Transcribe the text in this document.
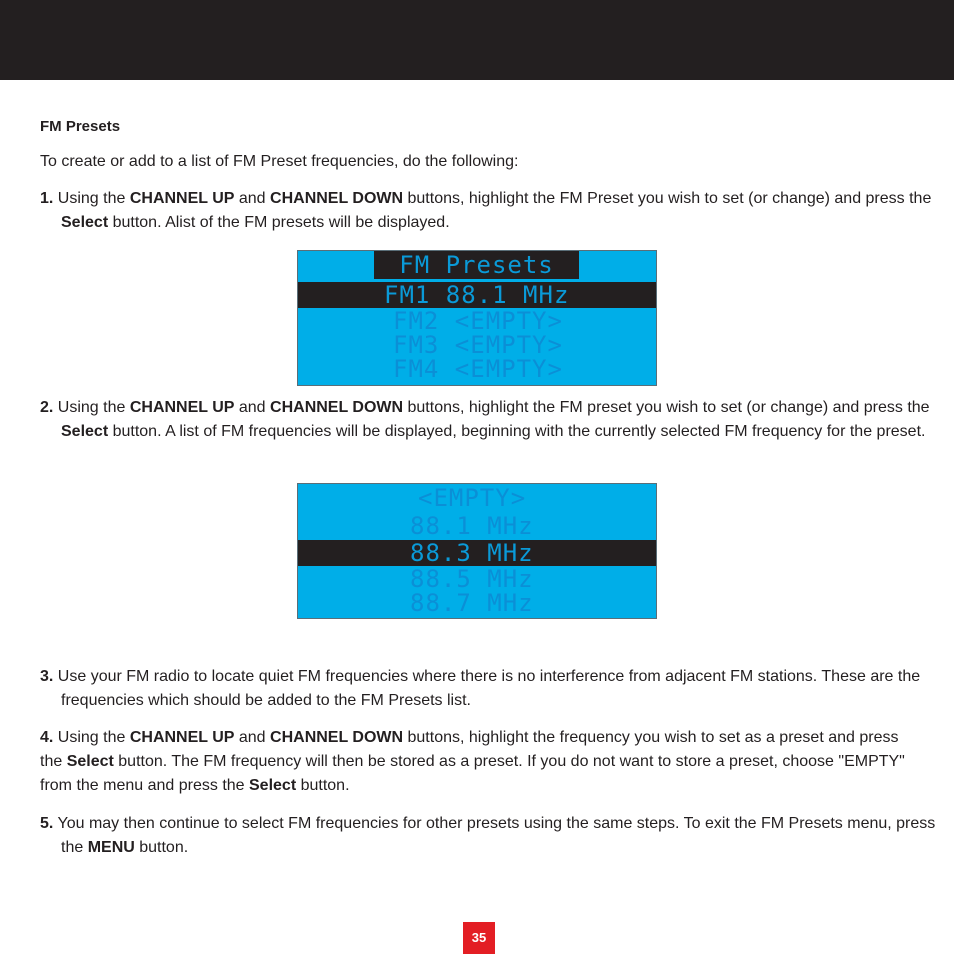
FM Presets

To create or add to a list of FM Preset frequencies, do the following:

1. Using the CHANNEL UP and CHANNEL DOWN buttons, highlight the FM Preset you wish to set (or change) and press the Select button. Alist of the FM presets will be displayed.

FM Presets
FM1 88.1 MHz
FM2 <EMPTY>
FM3 <EMPTY>
FM4 <EMPTY>

2. Using the CHANNEL UP and CHANNEL DOWN buttons, highlight the FM preset you wish to set (or change) and press the Select button. A list of FM frequencies will be displayed, beginning with the currently selected FM frequency for the preset.

<EMPTY>
88.1 MHz
88.3 MHz
88.5 MHz
88.7 MHz

3. Use your FM radio to locate quiet FM frequencies where there is no interference from adjacent FM stations. These are the frequencies which should be added to the FM Presets list.

4. Using the CHANNEL UP and CHANNEL DOWN buttons, highlight the frequency you wish to set as a preset and press the Select button. The FM frequency will then be stored as a preset. If you do not want to store a preset, choose "EMPTY" from the menu and press the Select button.

5. You may then continue to select FM frequencies for other presets using the same steps. To exit the FM Presets menu, press the MENU button.

35
